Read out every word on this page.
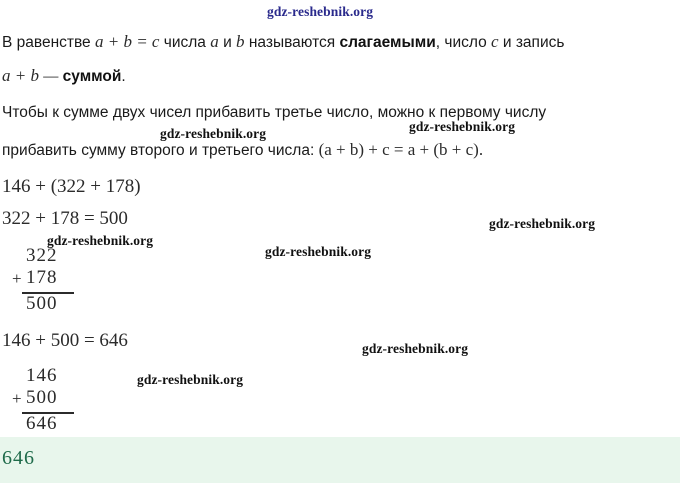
gdz-reshebnik.org
В равенстве a + b = c числа a и b называются слагаемыми, число c и запись
a + b — суммой.
Чтобы к сумме двух чисел прибавить третье число, можно к первому числу
прибавить сумму второго и третьего числа: (a + b) + c = a + (b + c).
146 + (322 + 178)
322 + 178 = 500
322
+ 178
500
146 + 500 = 646
146
+ 500
646
gdz-reshebnik.org	gdz-reshebnik.org
gdz-reshebnik.org
gdz-reshebnik.org
gdz-reshebnik.org
gdz-reshebnik.org
gdz-reshebnik.org
646
